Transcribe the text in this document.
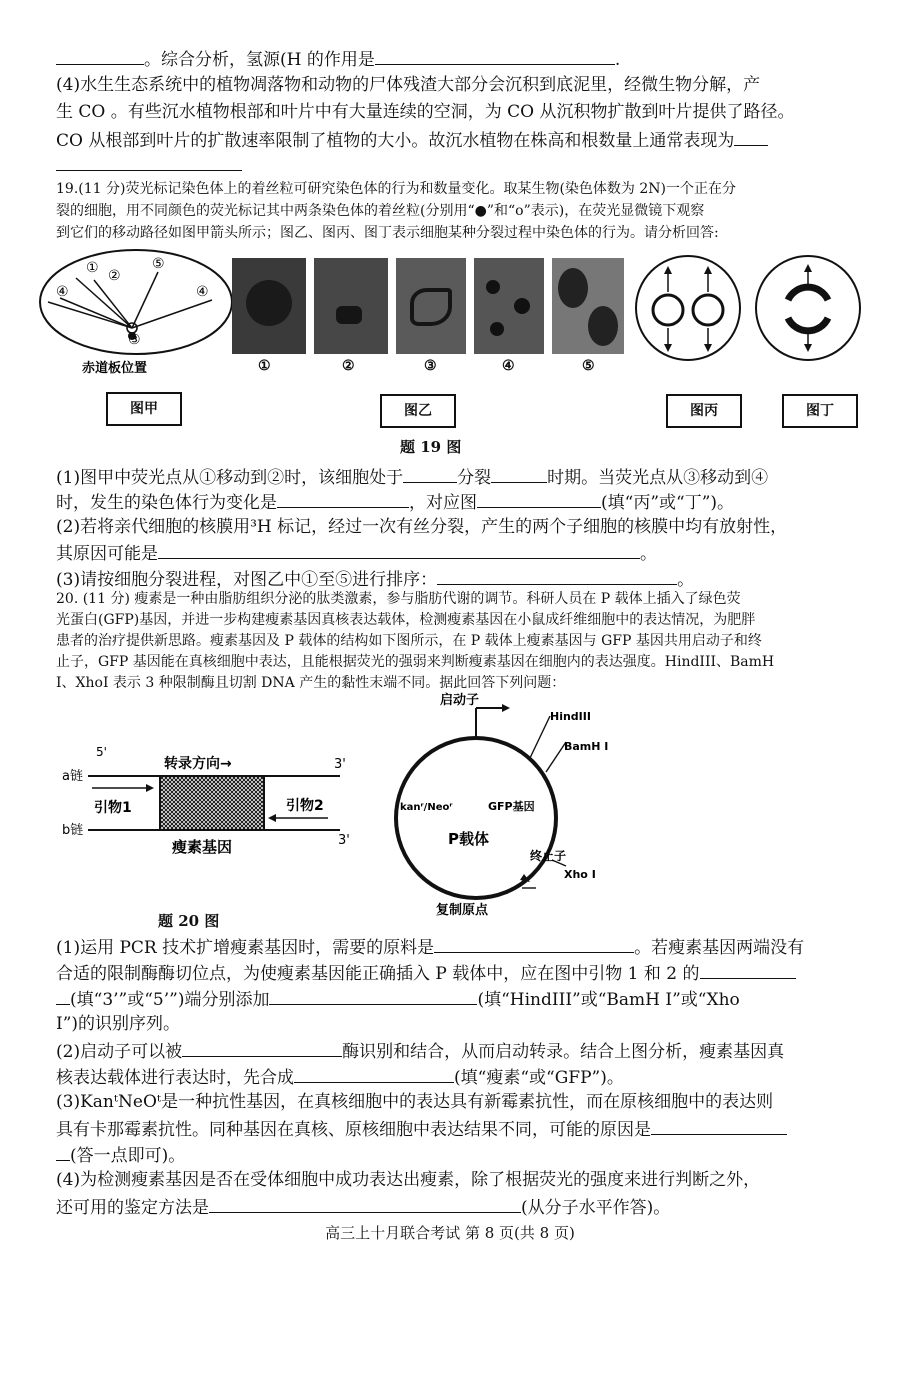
。综合分析，氢源(H 的作用是	.
(4)水生生态系统中的植物凋落物和动物的尸体残渣大部分会沉积到底泥里，经微生物分解，产
生 CO 。有些沉水植物根部和叶片中有大量连续的空洞，为 CO 从沉积物扩散到叶片提供了路径。
CO 从根部到叶片的扩散速率限制了植物的大小。故沉水植物在株高和根数量上通常表现为
19.(11 分)荧光标记染色体上的着丝粒可研究染色体的行为和数量变化。取某生物(染色体数为 2N)一个正在分
裂的细胞，用不同颜色的荧光标记其中两条染色体的着丝粒(分别用“●”和“o”表示)，在荧光显微镜下观察
到它们的移动路径如图甲箭头所示；图乙、图丙、图丁表示细胞某种分裂过程中染色体的行为。请分析回答:
① ②
③
④	④
⑤
赤道板位置	①	②	③	④	⑤
图甲	图乙	图丙	图丁
题 19 图
(1)图甲中荧光点从①移动到②时，该细胞处于	分裂	时期。当荧光点从③移动到④
时，发生的染色体行为变化是	，对应图	(填“丙”或“丁”)。
(2)若将亲代细胞的核膜用³H 标记，经过一次有丝分裂，产生的两个子细胞的核膜中均有放射性，
其原因可能是	。
(3)请按细胞分裂进程，对图乙中①至⑤进行排序：	。
20. (11 分) 瘦素是一种由脂肪组织分泌的肽类激素，参与脂肪代谢的调节。科研人员在 P 载体上插入了绿色荧
光蛋白(GFP)基因，并进一步构建瘦素基因真核表达载体，检测瘦素基因在小鼠成纤维细胞中的表达情况，为肥胖
患者的治疗提供新思路。瘦素基因及 P 载体的结构如下图所示，在 P 载体上瘦素基因与 GFP 基因共用启动子和终
止子，GFP 基因能在真核细胞中表达，且能根据荧光的强弱来判断瘦素基因在细胞内的表达强度。HindIII、BamH
I、XhoI 表示 3 种限制酶且切割 DNA 产生的黏性末端不同。据此回答下列问题：
a链
b链
5'
转录方向→	3'
引物1	引物2
瘦素基因	3'
启动子
HindIII
BamH I
GFP基因
kanʳ/Neoʳ
P载体
终止子
Xho I
复制原点
题 20 图
(1)运用 PCR 技术扩增瘦素基因时，需要的原料是	。若瘦素基因两端没有
合适的限制酶酶切位点，为使瘦素基因能正确插入 P 载体中，应在图中引物 1 和 2 的
(填“3’”或“5’”)端分别添加	(填“HindIII”或“BamH I”或“Xho
I”)的识别序列。
(2)启动子可以被	酶识别和结合，从而启动转录。结合上图分析，瘦素基因真
核表达载体进行表达时，先合成	(填“瘦素“或“GFP”)。
(3)KanᵗNeOᵗ是一种抗性基因，在真核细胞中的表达具有新霉素抗性，而在原核细胞中的表达则
具有卡那霉素抗性。同种基因在真核、原核细胞中表达结果不同，可能的原因是
(答一点即可)。
(4)为检测瘦素基因是否在受体细胞中成功表达出瘦素，除了根据荧光的强度来进行判断之外，
还可用的鉴定方法是	(从分子水平作答)。
高三上十月联合考试 第 8 页(共 8 页)
